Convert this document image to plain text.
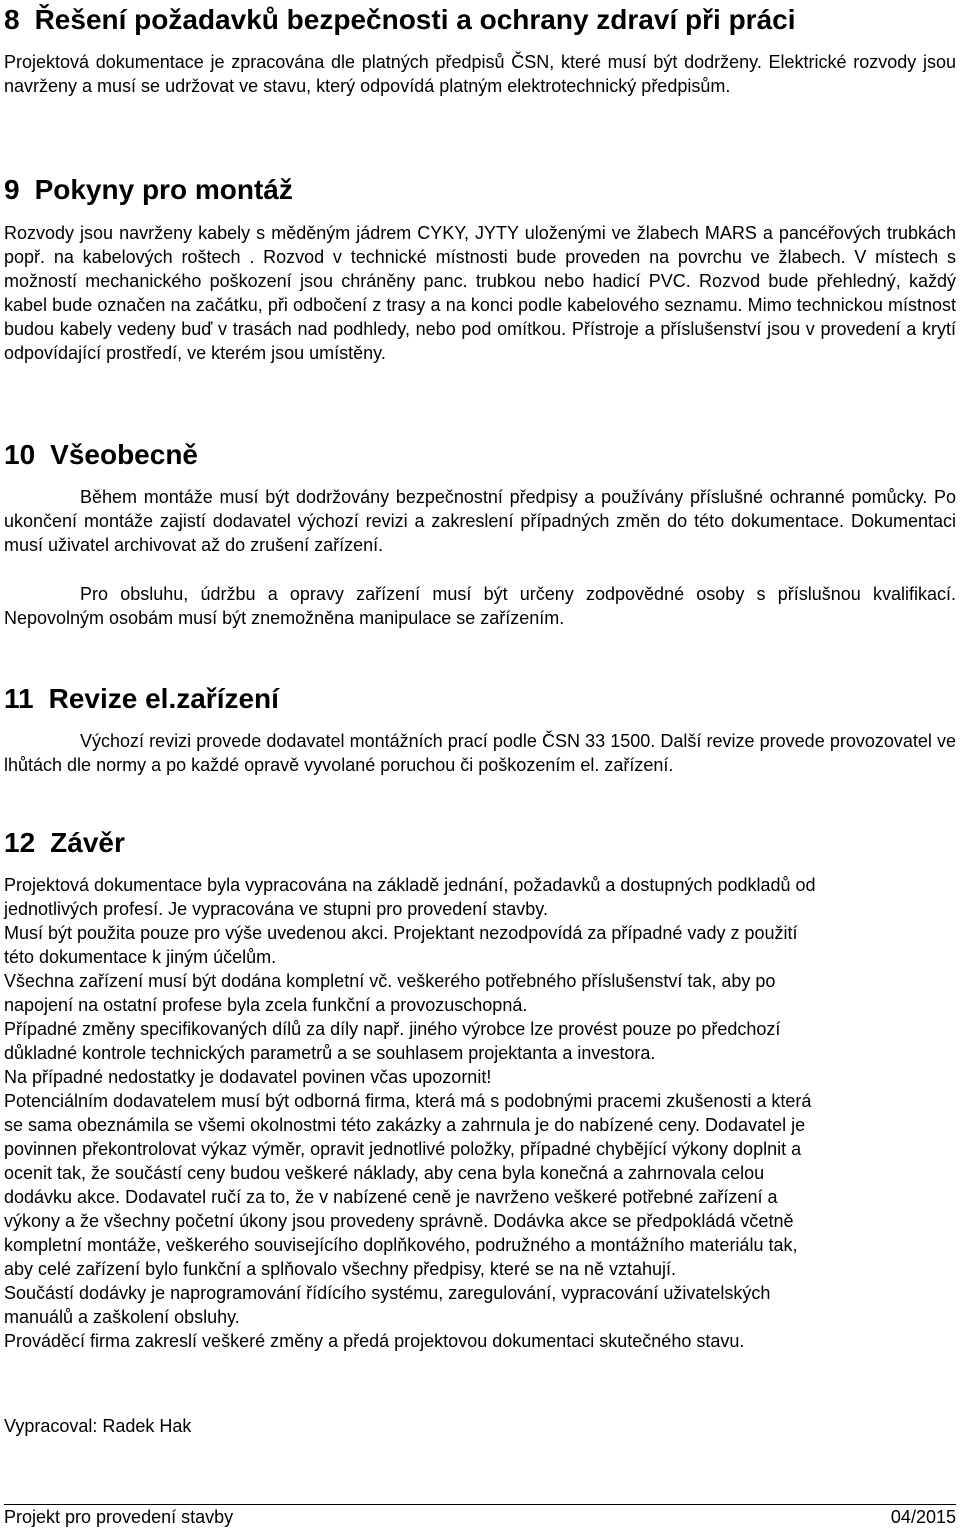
8 Řešení požadavků bezpečnosti a ochrany zdraví při práci

Projektová dokumentace je zpracována dle platných předpisů ČSN, které musí být dodrženy. Elektrické rozvody jsou navrženy a musí se udržovat ve stavu, který odpovídá platným elektrotechnický předpisům.

9 Pokyny pro montáž

Rozvody jsou navrženy kabely s měděným jádrem CYKY, JYTY uloženými ve žlabech MARS a pancéřových trubkách popř. na kabelových roštech . Rozvod v technické místnosti bude proveden na povrchu ve žlabech. V místech s možností mechanického poškození jsou chráněny panc. trubkou nebo hadicí PVC. Rozvod bude přehledný, každý kabel bude označen na začátku, při odbočení z trasy a na konci podle kabelového seznamu. Mimo technickou místnost budou kabely vedeny buď v trasách nad podhledy, nebo pod omítkou. Přístroje a příslušenství jsou v provedení a krytí odpovídající prostředí, ve kterém jsou umístěny.

10 Všeobecně

Během montáže musí být dodržovány bezpečnostní předpisy a používány příslušné ochranné pomůcky. Po ukončení montáže zajistí dodavatel výchozí revizi a zakreslení případných změn do této dokumentace. Dokumentaci musí uživatel archivovat až do zrušení zařízení.

Pro obsluhu, údržbu a opravy zařízení musí být určeny zodpovědné osoby s příslušnou kvalifikací. Nepovolným osobám musí být znemožněna manipulace se zařízením.

11 Revize el.zařízení

Výchozí revizi provede dodavatel montážních prací podle ČSN 33 1500. Další revize provede provozovatel ve lhůtách dle normy a po každé opravě vyvolané poruchou či poškozením el. zařízení.

12 Závěr
Projektová dokumentace byla vypracována na základě jednání, požadavků a dostupných podkladů od
jednotlivých profesí. Je vypracována ve stupni pro provedení stavby.
Musí být použita pouze pro výše uvedenou akci. Projektant nezodpovídá za případné vady z použití
této dokumentace k jiným účelům.
Všechna zařízení musí být dodána kompletní vč. veškerého potřebného příslušenství tak, aby po
napojení na ostatní profese byla zcela funkční a provozuschopná.
Případné změny specifikovaných dílů za díly např. jiného výrobce lze provést pouze po předchozí
důkladné kontrole technických parametrů a se souhlasem projektanta a investora.
Na případné nedostatky je dodavatel povinen včas upozornit!
Potenciálním dodavatelem musí být odborná firma, která má s podobnými pracemi zkušenosti a která
se sama obeznámila se všemi okolnostmi této zakázky a zahrnula je do nabízené ceny. Dodavatel je
povinnen překontrolovat výkaz výměr, opravit jednotlivé položky, případné chybějící výkony doplnit a
ocenit tak, že součástí ceny budou veškeré náklady, aby cena byla konečná a zahrnovala celou
dodávku akce. Dodavatel ručí za to, že v nabízené ceně je navrženo veškeré potřebné zařízení a
výkony a že všechny početní úkony jsou provedeny správně. Dodávka akce se předpokládá včetně
kompletní montáže, veškerého souvisejícího doplňkového, podružného a montážního materiálu tak,
aby celé zařízení bylo funkční a splňovalo všechny předpisy, které se na ně vztahují.
Součástí dodávky je naprogramování řídícího systému, zaregulování, vypracování uživatelských
manuálů a zaškolení obsluhy.
Prováděcí firma zakreslí veškeré změny a předá projektovou dokumentaci skutečného stavu.

Vypracoval: Radek Hak

Projekt pro provedení stavby	04/2015
